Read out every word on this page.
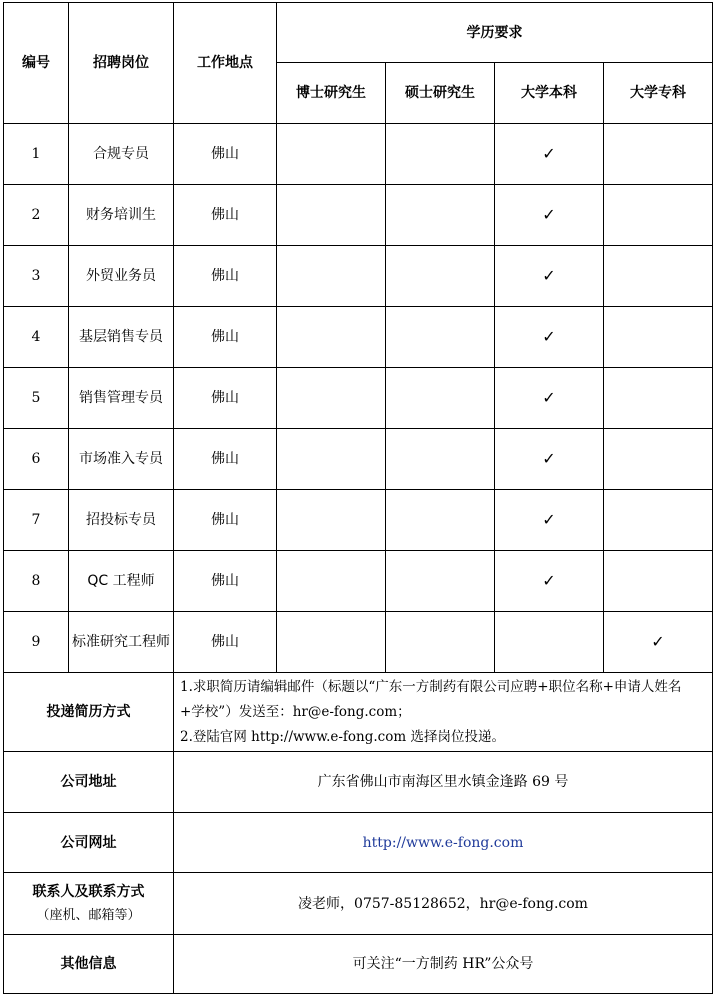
编号	招聘岗位	工作地点	学历要求			
			博士研究生	硕士研究生	大学本科	大学专科
1	合规专员	佛山			✓	
2	财务培训生	佛山			✓	
3	外贸业务员	佛山			✓	
4	基层销售专员	佛山			✓	
5	销售管理专员	佛山			✓	
6	市场准入专员	佛山			✓	
7	招投标专员	佛山			✓	
8	QC 工程师	佛山			✓	
9	标准研究工程师	佛山				✓
投递简历方式		1.求职简历请编辑邮件（标题以“广东一方制药有限公司应聘+职位名称+申请人姓名+学校”）发送至：hr@e-fong.com；
2.登陆官网 http://www.e-fong.com 选择岗位投递。				

公司地址		广东省佛山市南海区里水镇金逢路 69 号				
公司网址		http://www.e-fong.com				

联系人及联系方式
（座机、邮箱等）		凌老师，0757-85128652，hr@e-fong.com				
其他信息		可关注“一方制药 HR”公众号				
